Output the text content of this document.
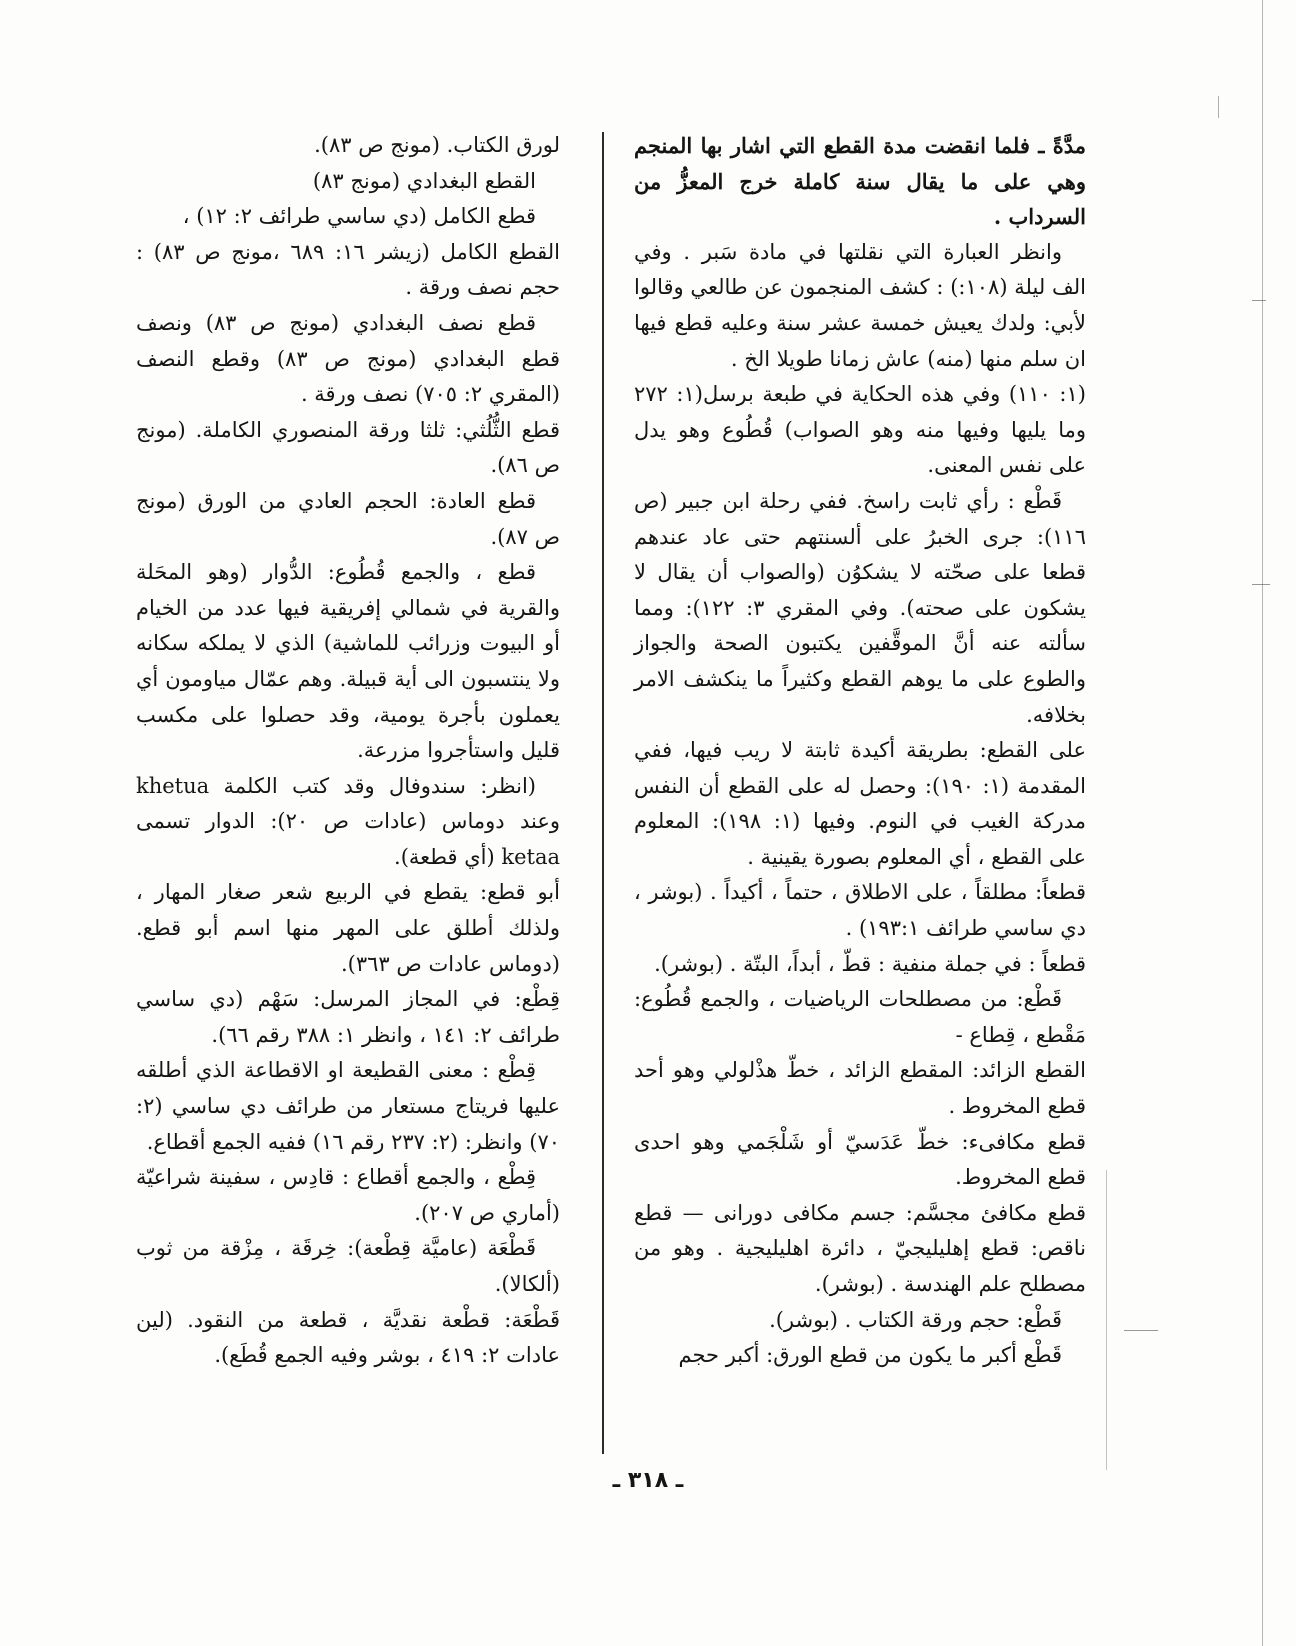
مدَّةً ـ فلما انقضت مدة القطع التي اشار بها المنجم وهي على ما يقال سنة كاملة خرج المعزُّ من السرداب .

وانظر العبارة التي نقلتها في مادة سَبر . وفي الف ليلة (١٠٨:) : كشف المنجمون عن طالعي وقالوا لأبي: ولدك يعيش خمسة عشر سنة وعليه قطع فيها ان سلم منها (منه) عاش زمانا طويلا الخ .

(١: ١١٠) وفي هذه الحكاية في طبعة برسل(١: ٢٧٢ وما يليها وفيها منه وهو الصواب) قُطُوع وهو يدل على نفس المعنى.

قَطْع : رأي ثابت راسخ. ففي رحلة ابن جبير (ص ١١٦): جرى الخبرُ على ألسنتهم حتى عاد عندهم قطعا على صحّته لا يشكوُن (والصواب أن يقال لا يشكون على صحته). وفي المقري ٣: ١٢٢): ومما سألته عنه أنَّ الموقَّفين يكتبون الصحة والجواز والطوع على ما يوهم القطع وكثيراً ما ينكشف الامر بخلافه.

على القطع: بطريقة أكيدة ثابتة لا ريب فيها، ففي المقدمة (١: ١٩٠): وحصل له على القطع أن النفس مدركة الغيب في النوم. وفيها (١: ١٩٨): المعلوم على القطع ، أي المعلوم بصورة يقينية .

قطعاً: مطلقاً ، على الاطلاق ، حتماً ، أكيداً . (بوشر ، دي ساسي طرائف ١٩٣:١) .

قطعاً : في جملة منفية : قطّ ، أبداً، البتّة . (بوشر).

قَطْع: من مصطلحات الرياضيات ، والجمع قُطُوع: مَقْطع ، قِطاع -

القطع الزائد: المقطع الزائد ، خطّ هذْلولي وهو أحد قطع المخروط .

قطع مكافىء: خطّ عَدَسيّ أو شَلْجَمي وهو احدى قطع المخروط.

قطع مكافئ مجسَّم: جسم مكافى دورانى — قطع ناقص: قطع إهليليجيّ ، دائرة اهليليجية . وهو من مصطلح علم الهندسة . (بوشر).

قَطْع: حجم ورقة الكتاب . (بوشر).

قَطْع أكبر ما يكون من قطع الورق: أكبر حجم

لورق الكتاب. (مونج ص ٨٣).

القطع البغدادي (مونج ٨٣)

قطع الكامل (دي ساسي طرائف ٢: ١٢) ،

القطع الكامل (زيشر ١٦: ٦٨٩ ،مونج ص ٨٣) : حجم نصف ورقة .

قطع نصف البغدادي (مونج ص ٨٣) ونصف قطع البغدادي (مونج ص ٨٣) وقطع النصف (المقري ٢: ٧٠٥) نصف ورقة .

قطع الثُّلُثي: ثلثا ورقة المنصوري الكاملة. (مونج ص ٨٦).

قطع العادة: الحجم العادي من الورق (مونج ص ٨٧).

قطع ، والجمع قُطُوع: الدُّوار (وهو المحَلة والقرية في شمالي إفريقية فيها عدد من الخيام أو البيوت وزرائب للماشية) الذي لا يملكه سكانه ولا ينتسبون الى أية قبيلة. وهم عمّال مياومون أي يعملون بأجرة يومية، وقد حصلوا على مكسب قليل واستأجروا مزرعة.

(انظر: سندوفال وقد كتب الكلمة khetua وعند دوماس (عادات ص ٢٠): الدوار تسمى ketaa (أي قطعة).

أبو قطع: يقطع في الربيع شعر صغار المهار ، ولذلك أطلق على المهر منها اسم أبو قطع. (دوماس عادات ص ٣٦٣).

قِطْع: في المجاز المرسل: سَهْم (دي ساسي طرائف ٢: ١٤١ ، وانظر ١: ٣٨٨ رقم ٦٦).

قِطْع : معنى القطيعة او الاقطاعة الذي أطلقه عليها فريتاج مستعار من طرائف دي ساسي (٢: ٧٠) وانظر: (٢: ٢٣٧ رقم ١٦) ففيه الجمع أقطاع.

قِطْع ، والجمع أقطاع : قادِس ، سفينة شراعيّة (أماري ص ٢٠٧).

قَطْعَة (عاميَّة قِطْعة): خِرقَة ، مِزْقة من ثوب (ألكالا).

قَطْعَة: قطْعة نقديَّة ، قطعة من النقود. (لين عادات ٢: ٤١٩ ، بوشر وفيه الجمع قُطَع).

ـ ٣١٨ ـ
